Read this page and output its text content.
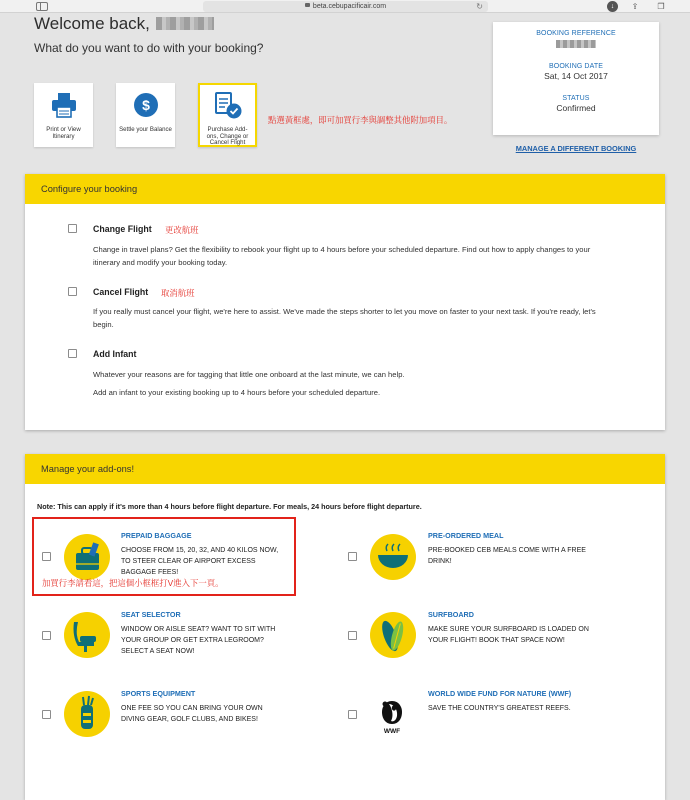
beta.cebupacificair.com	↻	↓	⇪	❐
Welcome back,
What do you want to do with your booking?
Print or View Itinerary
$
Settle your Balance	Purchase Add-ons, Change or Cancel Flight
點選黃框處，即可加買行李與調整其他附加項目。
BOOKING REFERENCE
BOOKING DATE
Sat, 14 Oct 2017
STATUS
Confirmed
MANAGE A DIFFERENT BOOKING
Configure your booking
Change Flight 更改航班
Change in travel plans? Get the flexibility to rebook your flight up to 4 hours before your scheduled departure. Find out how to apply changes to your
itinerary and modify your booking today.
Cancel Flight 取消航班
If you really must cancel your flight, we're here to assist. We've made the steps shorter to let you move on faster to your next task. If you're ready, let's
begin.
Add Infant
Whatever your reasons are for tagging that little one onboard at the last minute, we can help.
Add an infant to your existing booking up to 4 hours before your scheduled departure.
Manage your add-ons!
Note: This can apply if it's more than 4 hours before flight departure. For meals, 24 hours before flight departure.
PREPAID BAGGAGE
CHOOSE FROM 15, 20, 32, AND 40 KILOS NOW,
TO STEER CLEAR OF AIRPORT EXCESS
BAGGAGE FEES!
加買行李請看這，把這個小框框打V進入下一頁。
PRE-ORDERED MEAL
PRE-BOOKED CEB MEALS COME WITH A FREE
DRINK!
SEAT SELECTOR
WINDOW OR AISLE SEAT? WANT TO SIT WITH
YOUR GROUP OR GET EXTRA LEGROOM?
SELECT A SEAT NOW!
SURFBOARD
MAKE SURE YOUR SURFBOARD IS LOADED ON
YOUR FLIGHT! BOOK THAT SPACE NOW!
SPORTS EQUIPMENT
ONE FEE SO YOU CAN BRING YOUR OWN
DIVING GEAR, GOLF CLUBS, AND BIKES!
WWF
WORLD WIDE FUND FOR NATURE (WWF)
SAVE THE COUNTRY'S GREATEST REEFS.
